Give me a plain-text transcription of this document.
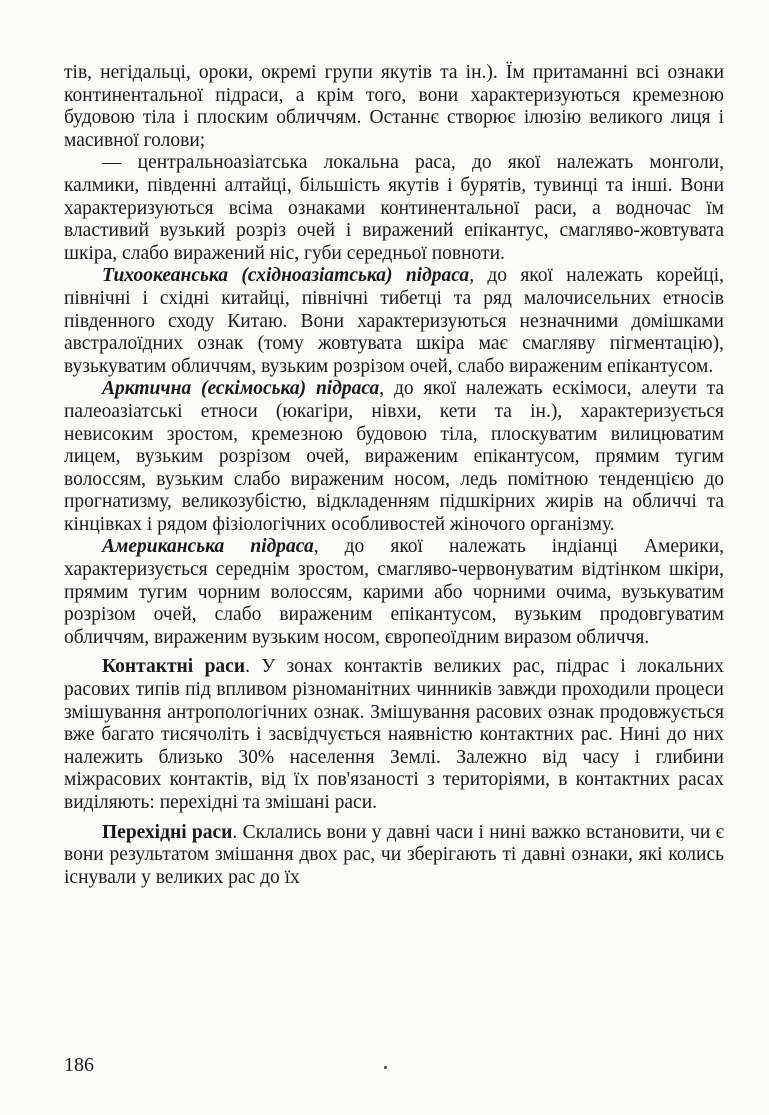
тів, негідальці, ороки, окремі групи якутів та ін.). Їм притаманні всі ознаки континентальної підраси, а крім того, вони характеризуються кремезною будовою тіла і плоским обличчям. Останнє створює ілюзію великого лиця і масивної голови;

— центральноазіатська локальна раса, до якої належать монголи, калмики, південні алтайці, більшість якутів і бурятів, тувинці та інші. Вони характеризуються всіма ознаками континентальної раси, а водночас їм властивий вузький розріз очей і виражений епікантус, смагляво-жовтувата шкіра, слабо виражений ніс, губи середньої повноти.

Тихоокеанська (східноазіатська) підраса, до якої належать корейці, північні і східні китайці, північні тибетці та ряд малочисельних етносів південного сходу Китаю. Вони характеризуються незначними домішками австралоїдних ознак (тому жовтувата шкіра має смагляву пігментацію), вузькуватим обличчям, вузьким розрізом очей, слабо вираженим епікантусом.

Арктична (ескімоська) підраса, до якої належать ескімоси, алеути та палеоазіатські етноси (юкагіри, нівхи, кети та ін.), характеризується невисоким зростом, кремезною будовою тіла, плоскуватим вилицюватим лицем, вузьким розрізом очей, вираженим епікантусом, прямим тугим волоссям, вузьким слабо вираженим носом, ледь помітною тенденцією до прогнатизму, великозубістю, відкладенням підшкірних жирів на обличчі та кінцівках і рядом фізіологічних особливостей жіночого організму.

Американська підраса, до якої належать індіанці Америки, характеризується середнім зростом, смагляво-червонуватим відтінком шкіри, прямим тугим чорним волоссям, карими або чорними очима, вузькуватим розрізом очей, слабо вираженим епікантусом, вузьким продовгуватим обличчям, вираженим вузьким носом, європеоїдним виразом обличчя.

Контактні раси. У зонах контактів великих рас, підрас і локальних расових типів під впливом різноманітних чинників завжди проходили процеси змішування антропологічних ознак. Змішування расових ознак продовжується вже багато тисячоліть і засвідчується наявністю контактних рас. Нині до них належить близько 30% населення Землі. Залежно від часу і глибини міжрасових контактів, від їх пов'язаності з територіями, в контактних расах виділяють: перехідні та змішані раси.

Перехідні раси. Склались вони у давні часи і нині важко встановити, чи є вони результатом змішання двох рас, чи зберігають ті давні ознаки, які колись існували у великих рас до їх

186
